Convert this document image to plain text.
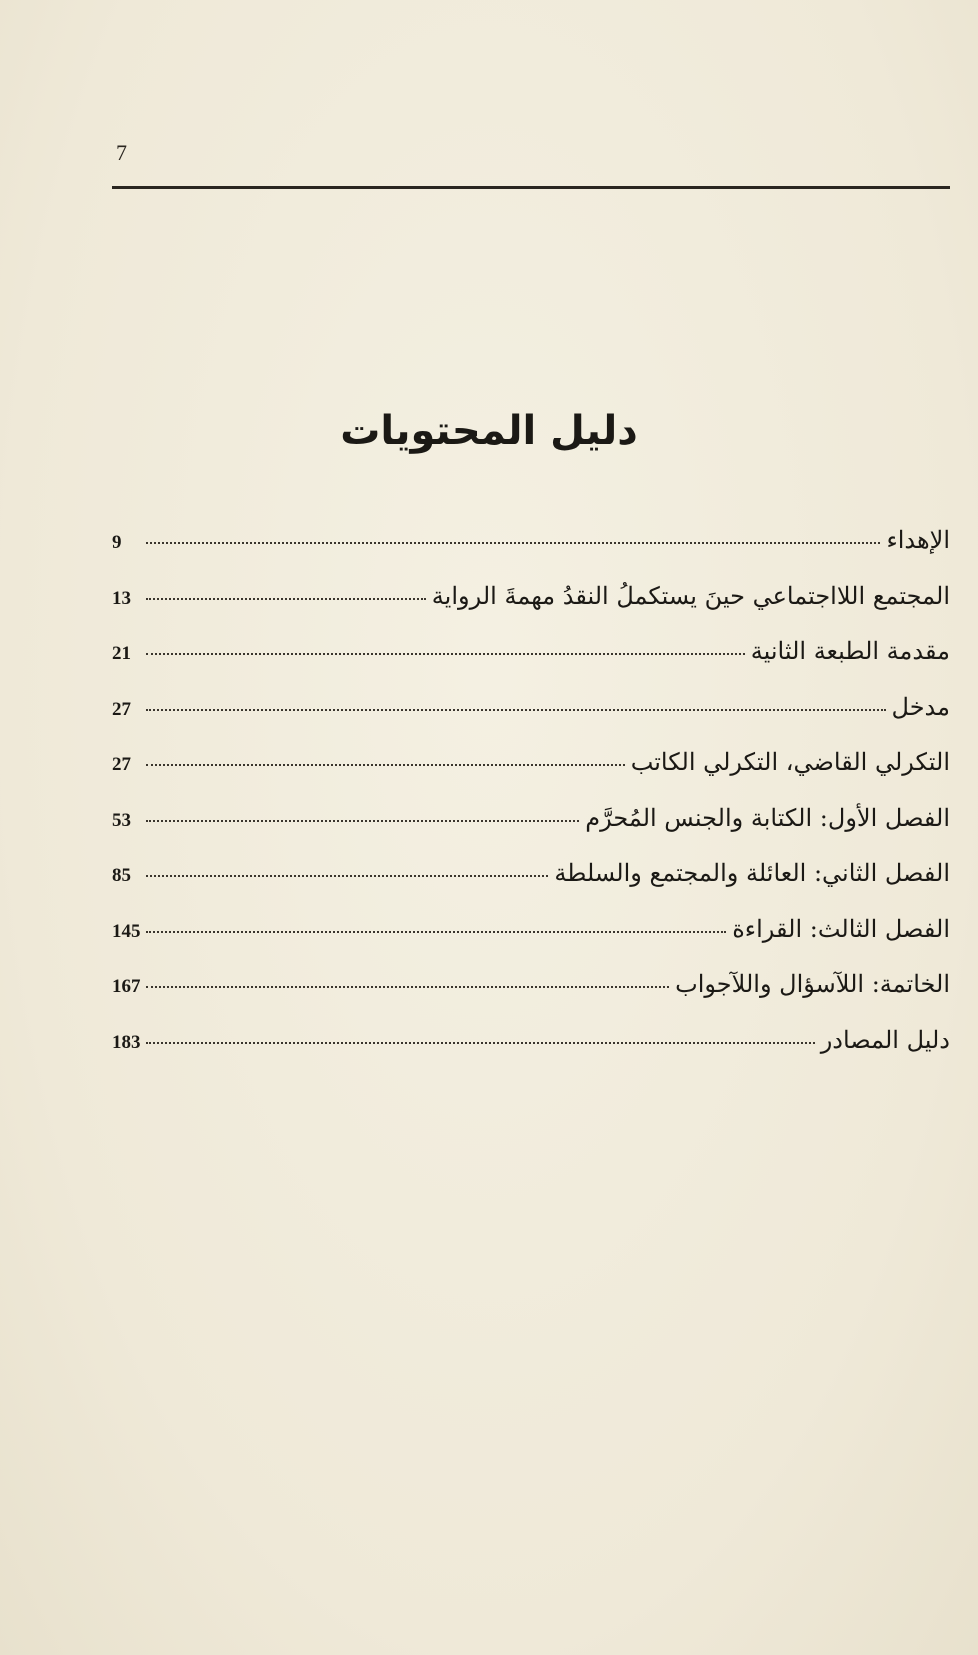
7
دليل المحتويات
الإهداء
9
المجتمع اللااجتماعي حينَ يستكملُ النقدُ مهمةَ الرواية
13
مقدمة الطبعة الثانية
21
مدخل
27
التكرلي القاضي، التكرلي الكاتب
27
الفصل الأول: الكتابة والجنس المُحرَّم
53
الفصل الثاني: العائلة والمجتمع والسلطة
85
الفصل الثالث: القراءة
145
الخاتمة: اللآسؤال واللآجواب
167
دليل المصادر
183
